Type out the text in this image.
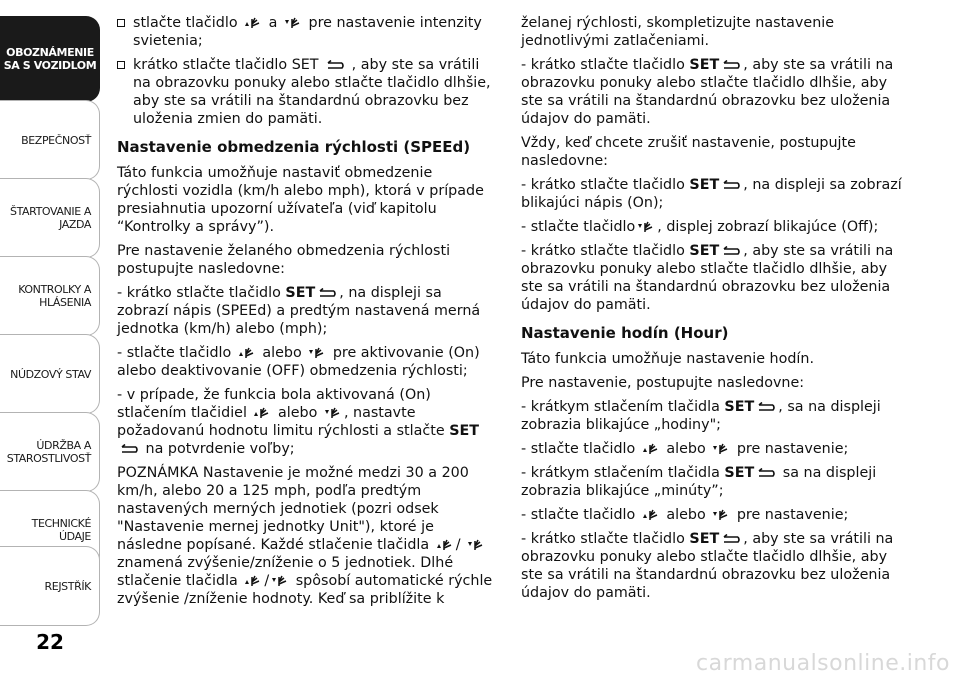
OBOZNÁMENIE
SA S VOZIDLOM
BEZPEČNOSŤ
ŠTARTOVANIE A
JAZDA
KONTROLKY A
HLÁSENIA
NÚDZOVÝ STAV
ÚDRŽBA A
STAROSTLIVOSŤ
TECHNICKÉ ÚDAJE
REJSTŘÍK
22
stlačte tlačidlo a pre nastavenie intenzity svietenia;
krátko stlačte tlačidlo SET , aby ste sa vrátili na obrazovku ponuky alebo stlačte tlačidlo dlhšie, aby ste sa vrátili na štandardnú obrazovku bez uloženia zmien do pamäti.
Nastavenie obmedzenia rýchlosti (SPEEd)

Táto funkcia umožňuje nastaviť obmedzenie rýchlosti vozidla (km/h alebo mph), ktorá v prípade presiahnutia upozorní užívateľa (viď kapitolu “Kontrolky a správy”).

Pre nastavenie želaného obmedzenia rýchlosti postupujte nasledovne:

- krátko stlačte tlačidlo SET , na displeji sa zobrazí nápis (SPEEd) a predtým nastavená merná jednotka (km/h) alebo (mph);

- stlačte tlačidlo alebo pre aktivovanie (On) alebo deaktivovanie (OFF) obmedzenia rýchlosti;

- v prípade, že funkcia bola aktivovaná (On) stlačením tlačidiel alebo , nastavte požadovanú hodnotu limitu rýchlosti a stlačte SET na potvrdenie voľby;

POZNÁMKA Nastavenie je možné medzi 30 a 200 km/h, alebo 20 a 125 mph, podľa predtým nastavených merných jednotiek (pozri odsek "Nastavenie mernej jednotky Unit"), ktoré je následne popísané. Každé stlačenie tlačidla /  znamená zvýšenie/zníženie o 5 jednotiek. Dlhé stlačenie tlačidla / spôsobí automatické rýchle zvýšenie /zníženie hodnoty. Keď sa priblížite k

želanej rýchlosti, skompletizujte nastavenie jednotlivými zatlačeniami.

- krátko stlačte tlačidlo SET , aby ste sa vrátili na obrazovku ponuky alebo stlačte tlačidlo dlhšie, aby ste sa vrátili na štandardnú obrazovku bez uloženia údajov do pamäti.

Vždy, keď chcete zrušiť nastavenie, postupujte nasledovne:

- krátko stlačte tlačidlo SET , na displeji sa zobrazí blikajúci nápis (On);

- stlačte tlačidlo , displej zobrazí blikajúce (Off);

- krátko stlačte tlačidlo SET , aby ste sa vrátili na obrazovku ponuky alebo stlačte tlačidlo dlhšie, aby ste sa vrátili na štandardnú obrazovku bez uloženia údajov do pamäti.

Nastavenie hodín (Hour)

Táto funkcia umožňuje nastavenie hodín.

Pre nastavenie, postupujte nasledovne:

- krátkym stlačením tlačidla SET , sa na displeji zobrazia blikajúce „hodiny";

- stlačte tlačidlo alebo pre nastavenie;

- krátkym stlačením tlačidla SET sa na displeji zobrazia blikajúce „minúty”;

- stlačte tlačidlo alebo pre nastavenie;

- krátko stlačte tlačidlo SET , aby ste sa vrátili na obrazovku ponuky alebo stlačte tlačidlo dlhšie, aby ste sa vrátili na štandardnú obrazovku bez uloženia údajov do pamäti.

carmanualsonline.info
